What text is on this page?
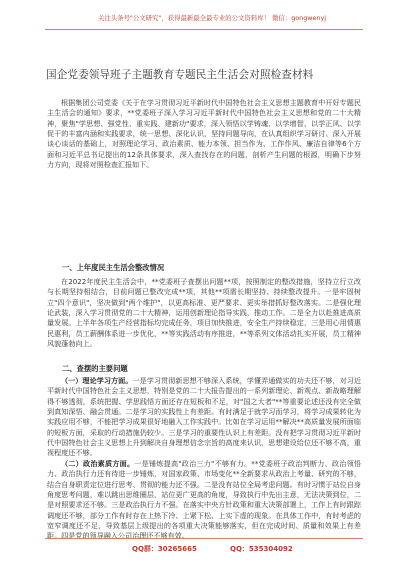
关注头条号"公文研究"，获得最新最全最专业的公文资料库！ 微信：gongwenyj
国企党委领导班子主题教育专题民主生活会对照检查材料

根据集团公司党委《关于在学习贯彻习近平新时代中国特色社会主义思想主题教育中开好专题民主生活会的通知》要求，**党委班子深入学习习近平新时代中国特色社会主义思想和党的二十大精神，聚焦"学思想、强党性、重实践、建新功"要求，深入领悟以学铸魂、以学增智、以学正风、以学促干的丰富内涵和实践要求，统一思想、深化认识，坚持问题导向，在认真组织学习研讨、深入开展谈心谈话的基础上，对照理论学习、政治素质、能力本领、担当作为、工作作风、廉洁自律等6个方面和习近平总书记提出的12条具体要求，深入查找存在的问题，剖析产生问题的根源，明确下步努力方向，现将对照检查汇报如下。

一、上年度民主生活会整改情况

在2022年度民主生活会中，**党委班子查摆出问题**项，按照制定的整改措施，坚持立行立改与长期坚持相结合，目前问题已整改完成**项，其他**项需长期坚持、持续整改提升。一是牢固树立"四个意识"，坚决做到"两个维护"，以更高标准、更严要求、更实举措抓好整改落实。二是强化理论武装，深入学习贯彻党的二十大精神，运用创新理论指导实践，推动工作。二是全力以赴推进高质量发展。上半年各项生产经营指标均完成任务，项目加快推进，安全生产持续稳定，三是用心用情惠民惠利，员工薪酬体系进一步优化，**等实践活动有序推进，**等系列文体活动扎实开展，员工精神风貌蓬勃向上。

二、查摆的主要问题

（一）理论学习方面。一是学习贯彻新思想不够深入系统，学懂弄通做实的功夫还不够，对习近平新时代中国特色社会主义思想，特别是党的二十大报告提出的一系列新理论、新观点、新战略理解得不够透彻，系统把握、学思践悟方面还存在短板和不足，对"国之大者"**等重要论述还没有完全做到真知深悟、融会贯通。二是学习的实践性上有差距。有时满足于就学习而学习，将学习成果转化为实践应用不够，不能把学习成果很好地融入工作实践中。比如在学习运用**解决**高质量发展所面临的短板方面，采取的行动措施仍较少。三是学习的重要性认识上有差距。没有把学习贯彻习近平新时代中国特色社会主义思想上升到解决自身理想信念宗旨的高度来认识，思想建设给位还不够不高，重视程度还不够。

（二）政治素质方面。一是锤炼提高"政治三力"不够有力。**党委班子政治判断力、政治领悟力、政治执行力还有待进一步锤炼，对国家政策、市场变化**全新要求从政治上考量、研究的不够，结合自身职责定位进行思考、贯彻的能力还不强。二是没有站位全局考虑问题。有时习惯于站位自身角度思考问题，难以跳出思维圈层，站位更广更高的角度，导致执行中先出主意，无法决策到位，二是对照要求还不够。三是政治执行力不强。在落实中央方针政策和重大决策部署上，工作上有时跟踪调度还不够，部分工作有时存在上热下冷、上紧下松、上实下虚的现象。在具体工作中，有时考虑的宽窄调度还不足，导致基层上级提出的各项重大决策能够落实，但在完成时间、质量和效果上有差距。四是党的领导融入公司治理还不够有效。

QQ群：30265665	QQ：535304092
